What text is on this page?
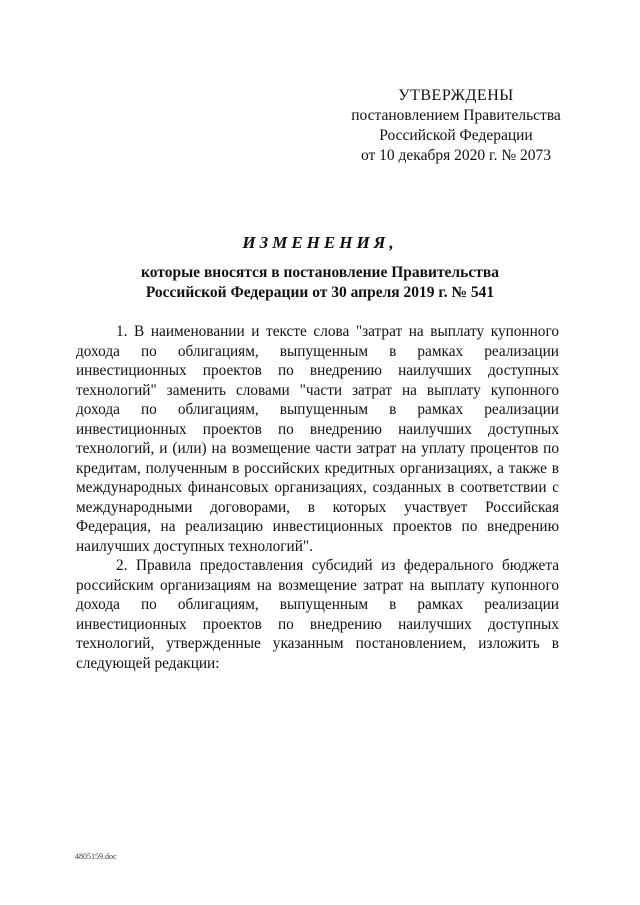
УТВЕРЖДЕНЫ
постановлением Правительства
Российской Федерации
от 10 декабря 2020 г. № 2073
ИЗМЕНЕНИЯ,
которые вносятся в постановление Правительства
Российской Федерации от 30 апреля 2019 г. № 541

1. В наименовании и тексте слова "затрат на выплату купонного дохода по облигациям, выпущенным в рамках реализации инвестиционных проектов по внедрению наилучших доступных технологий" заменить словами "части затрат на выплату купонного дохода по облигациям, выпущенным в рамках реализации инвестиционных проектов по внедрению наилучших доступных технологий, и (или) на возмещение части затрат на уплату процентов по кредитам, полученным в российских кредитных организациях, а также в международных финансовых организациях, созданных в соответствии с международными договорами, в которых участвует Российская Федерация, на реализацию инвестиционных проектов по внедрению наилучших доступных технологий".

2. Правила предоставления субсидий из федерального бюджета российским организациям на возмещение затрат на выплату купонного дохода по облигациям, выпущенным в рамках реализации инвестиционных проектов по внедрению наилучших доступных технологий, утвержденные указанным постановлением, изложить в следующей редакции:

4805159.doc
